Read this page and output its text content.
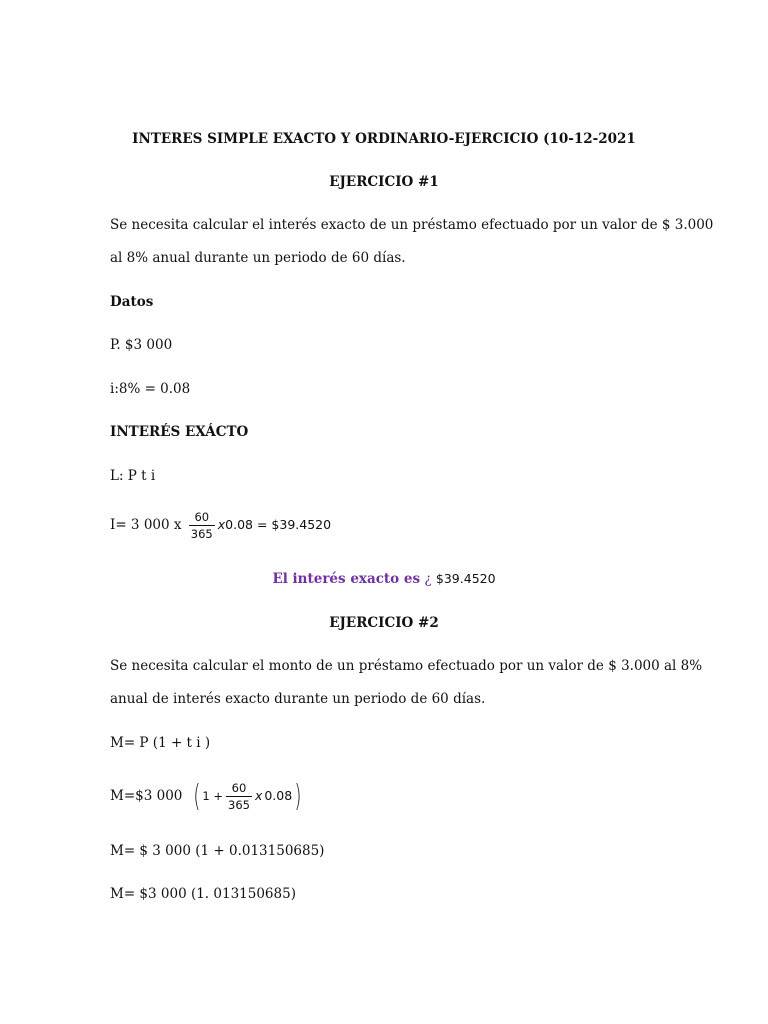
INTERES SIMPLE EXACTO Y ORDINARIO-EJERCICIO (10-12-2021
EJERCICIO #1
Se necesita calcular el interés exacto de un préstamo efectuado por un valor de $ 3.000
al 8% anual durante un periodo de 60 días.
Datos
P. $3 000
i:8% = 0.08
INTERÉS EXÁCTO
L: P t i
I= 3 000 x $\frac{60}{365} x0.08$ = $39.4520
El interés exacto es ¿ $39.4520
EJERCICIO #2
Se necesita calcular el monto de un préstamo efectuado por un valor de $ 3.000 al 8%
anual de interés exacto durante un periodo de 60 días.
M= P (1 + t i )
M=$3 000 ( $1 + \frac{60}{365}$ x 0.08)
M= $ 3 000 (1 + 0.013150685)
M= $3 000 (1. 013150685)
